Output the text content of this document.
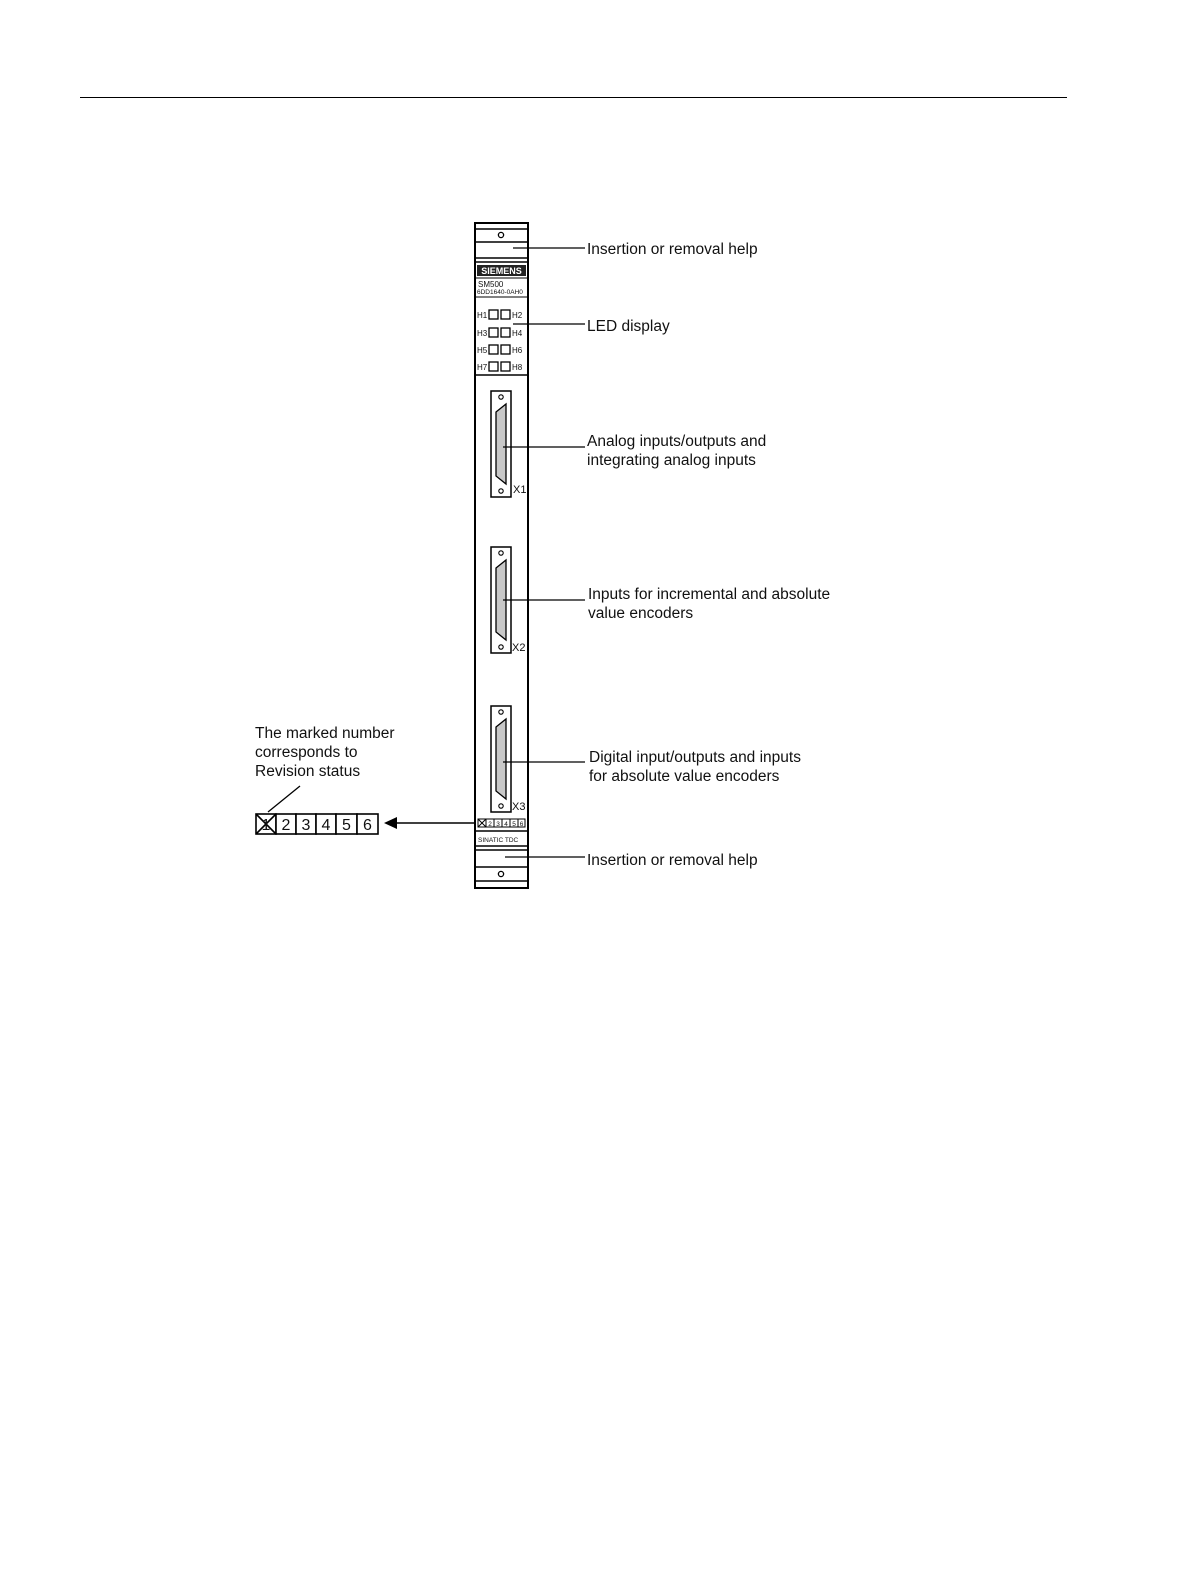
SIEMENS
SM500
6DD1640-0AH0
H1	H2
H3	H4
H5	H6
H7	H8
X1
X2
X3
2 3 4 5 6
SINATIC TDC
Insertion or removal help
LED display
Analog inputs/outputs and integrating analog inputs
Inputs for incremental and absolute value encoders
Digital input/outputs and inputs for absolute value encoders
Insertion or removal help
The marked number corresponds to Revision status
1 2 3 4 5 6
